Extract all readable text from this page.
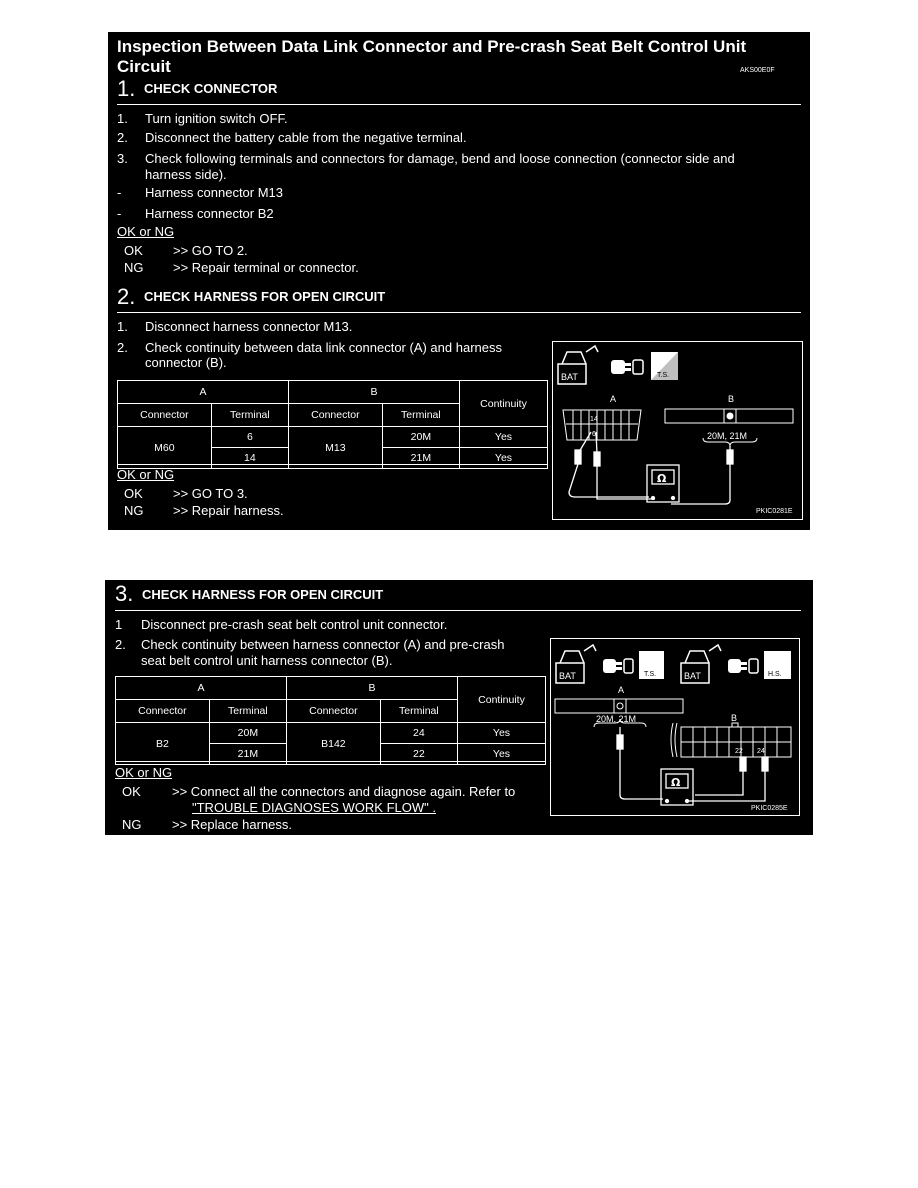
Inspection Between Data Link Connector and Pre-crash Seat Belt Control Unit
Circuit	AKS00E0F
1. CHECK CONNECTOR
1. Turn ignition switch OFF.
2. Disconnect the battery cable from the negative terminal.
3. Check following terminals and connectors for damage, bend and loose connection (connector side and
harness side).
- Harness connector M13
- Harness connector B2
OK or NG
OK >> GO TO 2.
NG >> Repair terminal or connector.
2. CHECK HARNESS FOR OPEN CIRCUIT
1. Disconnect harness connector M13.
2. Check continuity between data link connector (A) and harness
connector (B).
A		B		Continuity
Connector	Terminal	Connector	Terminal	
M60	6	M13	20M	Yes
	14		21M	Yes
OK or NG
OK >> GO TO 3.
NG >> Repair harness.
BAT	T.S.
A	B
14
6	20M, 21M
Ω
PKIC0281E
3. CHECK HARNESS FOR OPEN CIRCUIT
1 Disconnect pre-crash seat belt control unit connector.
2. Check continuity between harness connector (A) and pre-crash
seat belt control unit harness connector (B).
A		B		Continuity
Connector	Terminal	Connector	Terminal	
B2	20M	B142	24	Yes
	21M		22	Yes
OK or NG
OK >> Connect all the connectors and diagnose again. Refer to
"TROUBLE DIAGNOSES WORK FLOW" .
NG >> Replace harness.
BAT	T.S.	BAT	H.S.
A
20M, 21M	B
22 24
Ω
PKIC0285E
